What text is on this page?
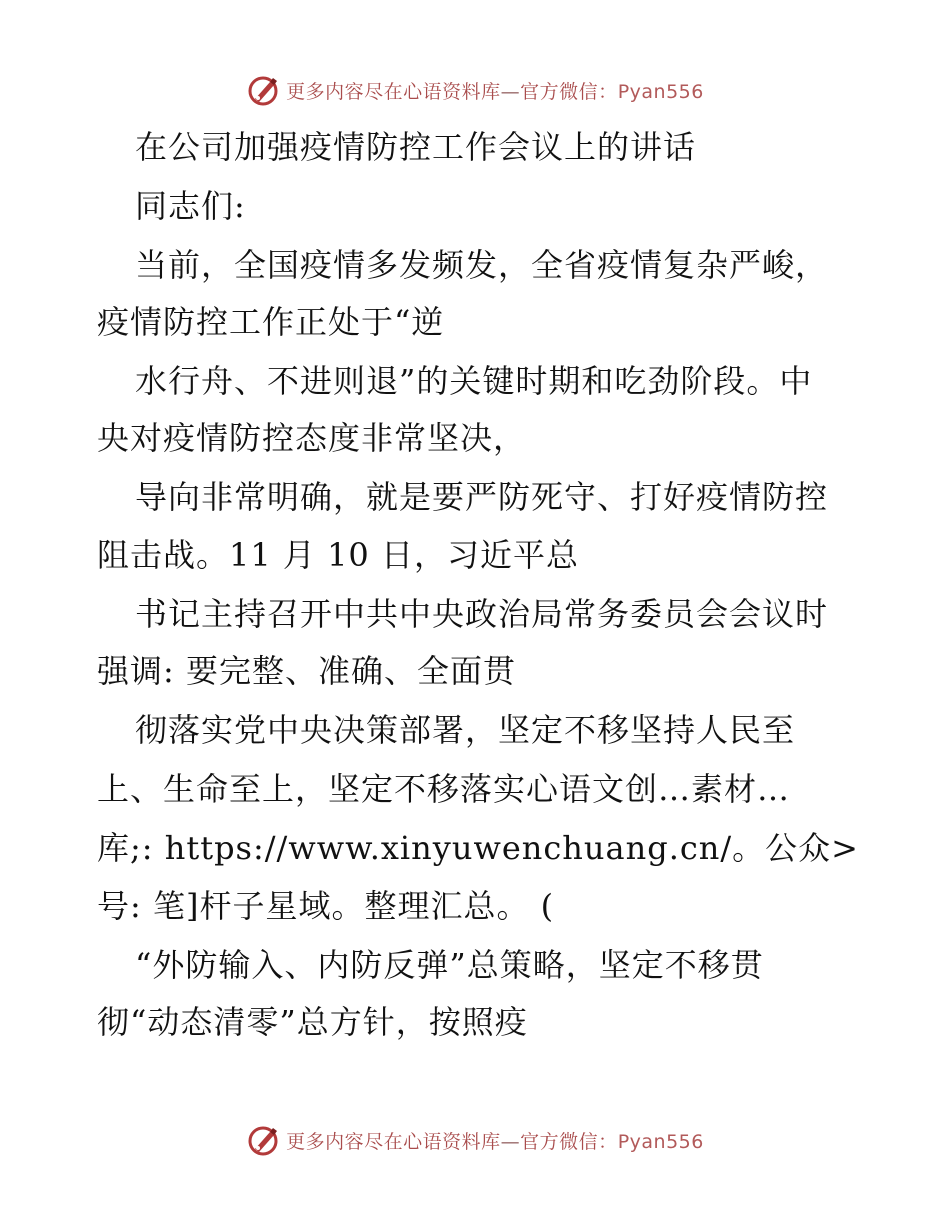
更多内容尽在心语资料库—官方微信：Pyan556
在公司加强疫情防控工作会议上的讲话
同志们:
当前，全国疫情多发频发，全省疫情复杂严峻，
疫情防控工作正处于“逆
水行舟、不进则退”的关键时期和吃劲阶段。中
央对疫情防控态度非常坚决，
导向非常明确，就是要严防死守、打好疫情防控
阻击战。11 月 10 日，习近平总
书记主持召开中共中央政治局常务委员会会议时
强调: 要完整、准确、全面贯
彻落实党中央决策部署，坚定不移坚持人民至
上、生命至上，坚定不移落实心语文创…素材…
库;: https://www.xinyuwenchuang.cn/。公众>
号: 笔]杆子星域。整理汇总。 (
“外防输入、内防反弹”总策略，坚定不移贯
彻“动态清零”总方针，按照疫
更多内容尽在心语资料库—官方微信：Pyan556
